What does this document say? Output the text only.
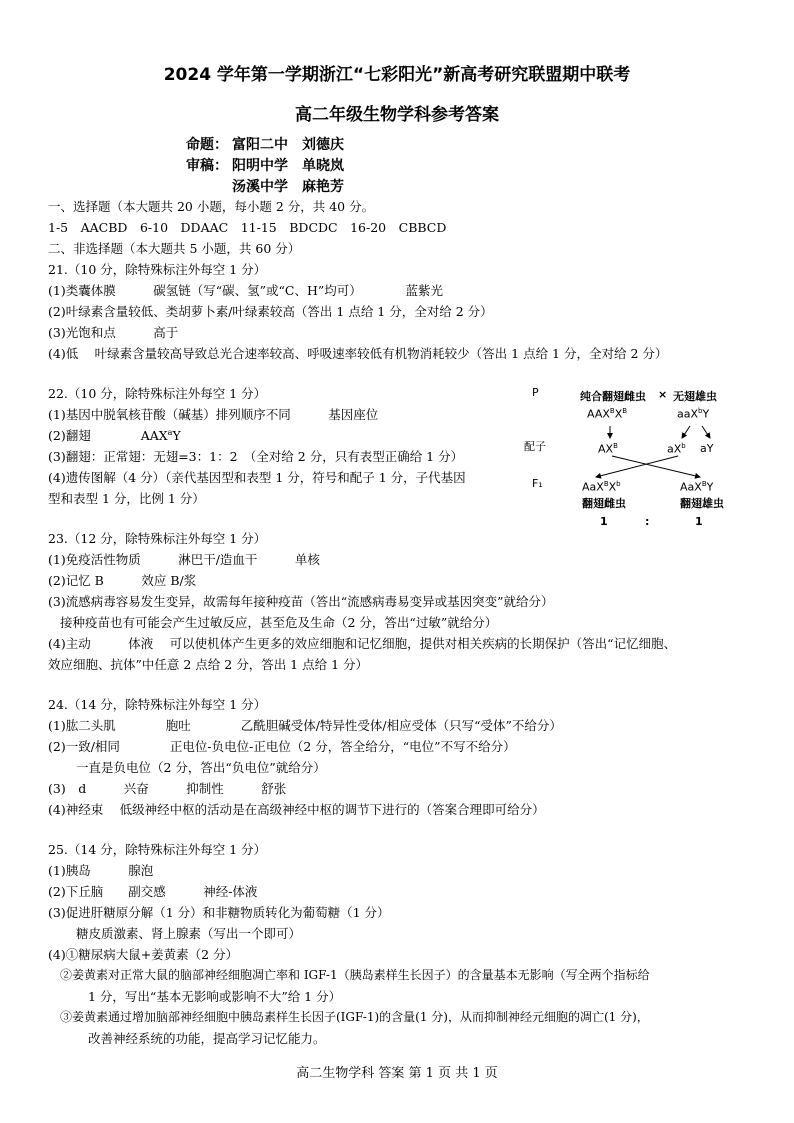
2024 学年第一学期浙江“七彩阳光”新高考研究联盟期中联考
高二年级生物学科参考答案
命题： 富阳二中　刘德庆
审稿： 阳明中学　单晓岚
汤溪中学　麻艳芳
一、选择题（本大题共 20 小题，每小题 2 分，共 40 分。
1-5　AACBD　6-10　DDAAC　11-15　BDCDC　16-20　CBBCD
二、非选择题（本大题共 5 小题，共 60 分）
21.（10 分，除特殊标注外每空 1 分）
(1)类囊体膜　　　碳氢链（写“碳、氢”或“C、H”均可）　　　　蓝紫光
(2)叶绿素含量较低、类胡萝卜素/叶绿素较高（答出 1 点给 1 分，全对给 2 分）
(3)光饱和点　　　高于
(4)低　 叶绿素含量较高导致总光合速率较高、呼吸速率较低有机物消耗较少（答出 1 点给 1 分，全对给 2 分）
22.（10 分，除特殊标注外每空 1 分）
(1)基因中脱氧核苷酸（碱基）排列顺序不同　　　基因座位
(2)翻翅　　　　AAX$^a$Y
(3)翻翅：正常翅：无翅=3：1：2　（全对给 2 分，只有表型正确给 1 分）
(4)遗传图解（4 分）（亲代基因型和表型 1 分，符号和配子 1 分，子代基因
型和表型 1 分，比例 1 分）
P	纯合翻翅雌虫 × 无翅雄虫
$AAX^BX^B$	aaX$^b$Y
配子	$AX^B$	$aX^b$ aY
F₁	$AaX^BX^b$	AaX$^B$Y
翻翅雌虫	翻翅雄虫
1	:	1
23.（12 分，除特殊标注外每空 1 分）
(1)免疫活性物质　　　淋巴干/造血干　　　单核
(2)记忆 B　　　效应 B/浆
(3)流感病毒容易发生变异，故需每年接种疫苗（答出“流感病毒易变异或基因突变”就给分）
接种疫苗也有可能会产生过敏反应，甚至危及生命（2 分，答出“过敏”就给分）
(4)主动　　　体液　 可以使机体产生更多的效应细胞和记忆细胞，提供对相关疾病的长期保护（答出“记忆细胞、
效应细胞、抗体”中任意 2 点给 2 分，答出 1 点给 1 分）
24.（14 分，除特殊标注外每空 1 分）
(1)肱二头肌　　　　胞吐　　　　乙酰胆碱受体/特异性受体/相应受体（只写“受体”不给分）
(2)一致/相同　　　　正电位-负电位-正电位（2 分，答全给分，“电位”不写不给分）
一直是负电位（2 分，答出“负电位”就给分）
(3)　d　　　兴奋　　　抑制性　　　舒张
(4)神经束　 低级神经中枢的活动是在高级神经中枢的调节下进行的（答案合理即可给分）
25.（14 分，除特殊标注外每空 1 分）
(1)胰岛　　　腺泡
(2)下丘脑　　副交感　　　神经-体液
(3)促进肝糖原分解（1 分）和非糖物质转化为葡萄糖（1 分）
糖皮质激素、肾上腺素（写出一个即可）
(4)①糖尿病大鼠+姜黄素（2 分）
②姜黄素对正常大鼠的脑部神经细胞凋亡率和 IGF-1（胰岛素样生长因子）的含量基本无影响（写全两个指标给
1 分，写出“基本无影响或影响不大”给 1 分）
③姜黄素通过增加脑部神经细胞中胰岛素样生长因子(IGF-1)的含量(1 分)，从而抑制神经元细胞的凋亡(1 分)，
改善神经系统的功能，提高学习记忆能力。
高二生物学科 答案 第 1 页 共 1 页
